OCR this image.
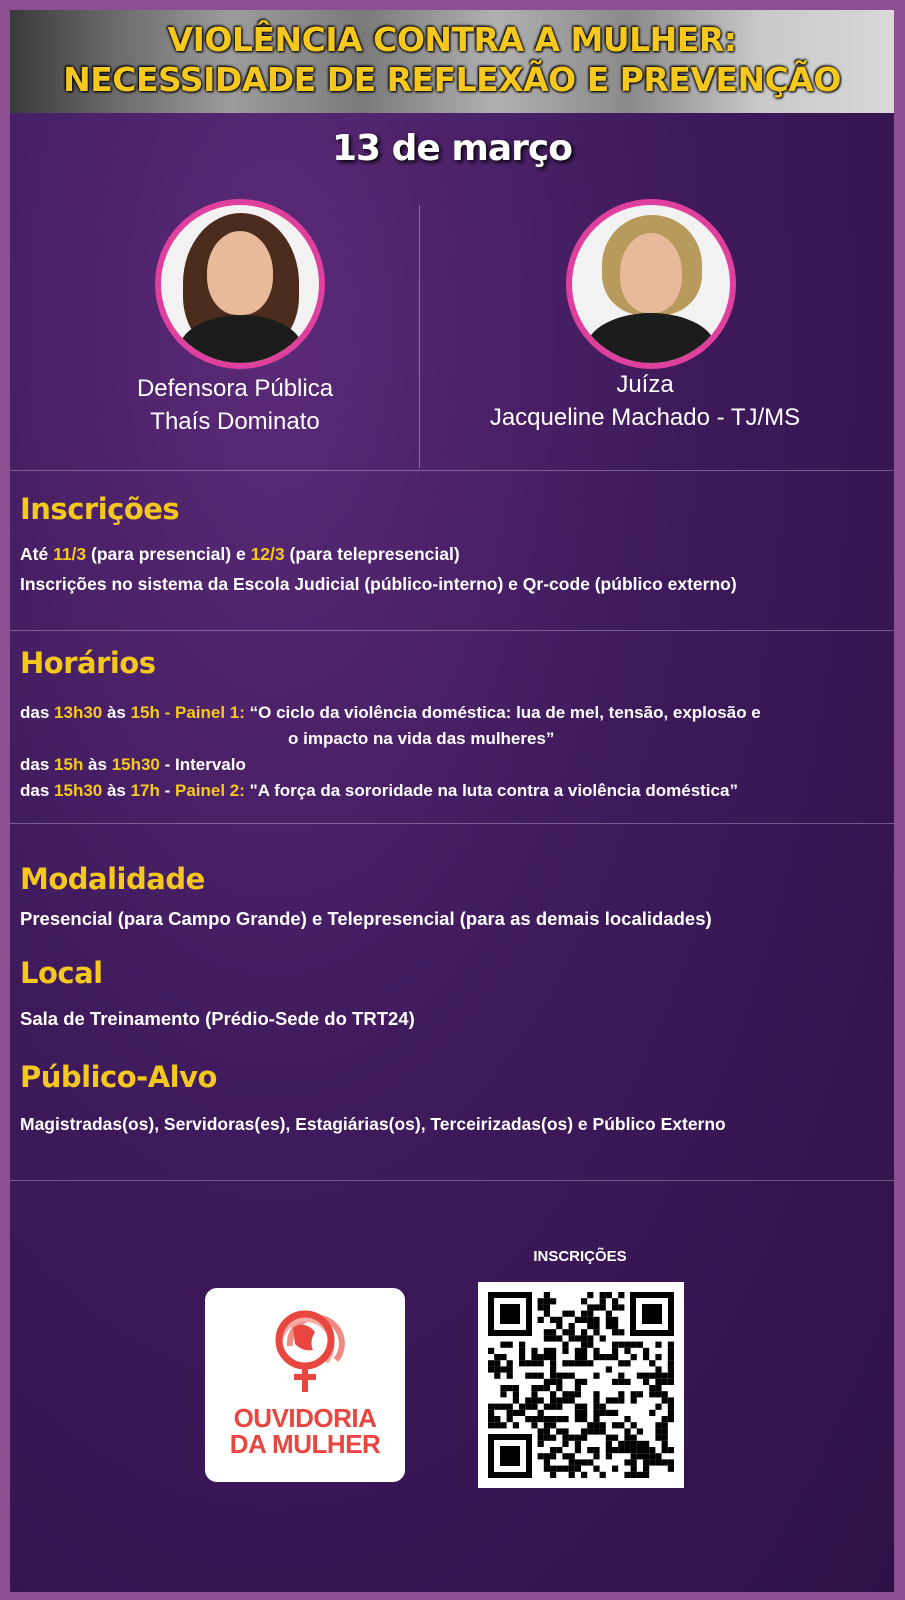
VIOLÊNCIA CONTRA A MULHER:
NECESSIDADE DE REFLEXÃO E PREVENÇÃO
13 de março
Defensora Pública
Thaís Dominato
Juíza
Jacqueline Machado - TJ/MS
Inscrições
Até 11/3 (para presencial) e 12/3 (para telepresencial)
Inscrições no sistema da Escola Judicial (público-interno) e Qr-code (público externo)
Horários
das 13h30 às 15h - Painel 1: “O ciclo da violência doméstica: lua de mel, tensão, explosão e
o impacto na vida das mulheres”
das 15h às 15h30 - Intervalo
das 15h30 às 17h - Painel 2: "A força da sororidade na luta contra a violência doméstica”
Modalidade
Presencial (para Campo Grande) e Telepresencial (para as demais localidades)
Local
Sala de Treinamento (Prédio-Sede do TRT24)
Público-Alvo
Magistradas(os), Servidoras(es), Estagiárias(os), Terceirizadas(os) e Público Externo
OUVIDORIA
DA MULHER
INSCRIÇÕES
